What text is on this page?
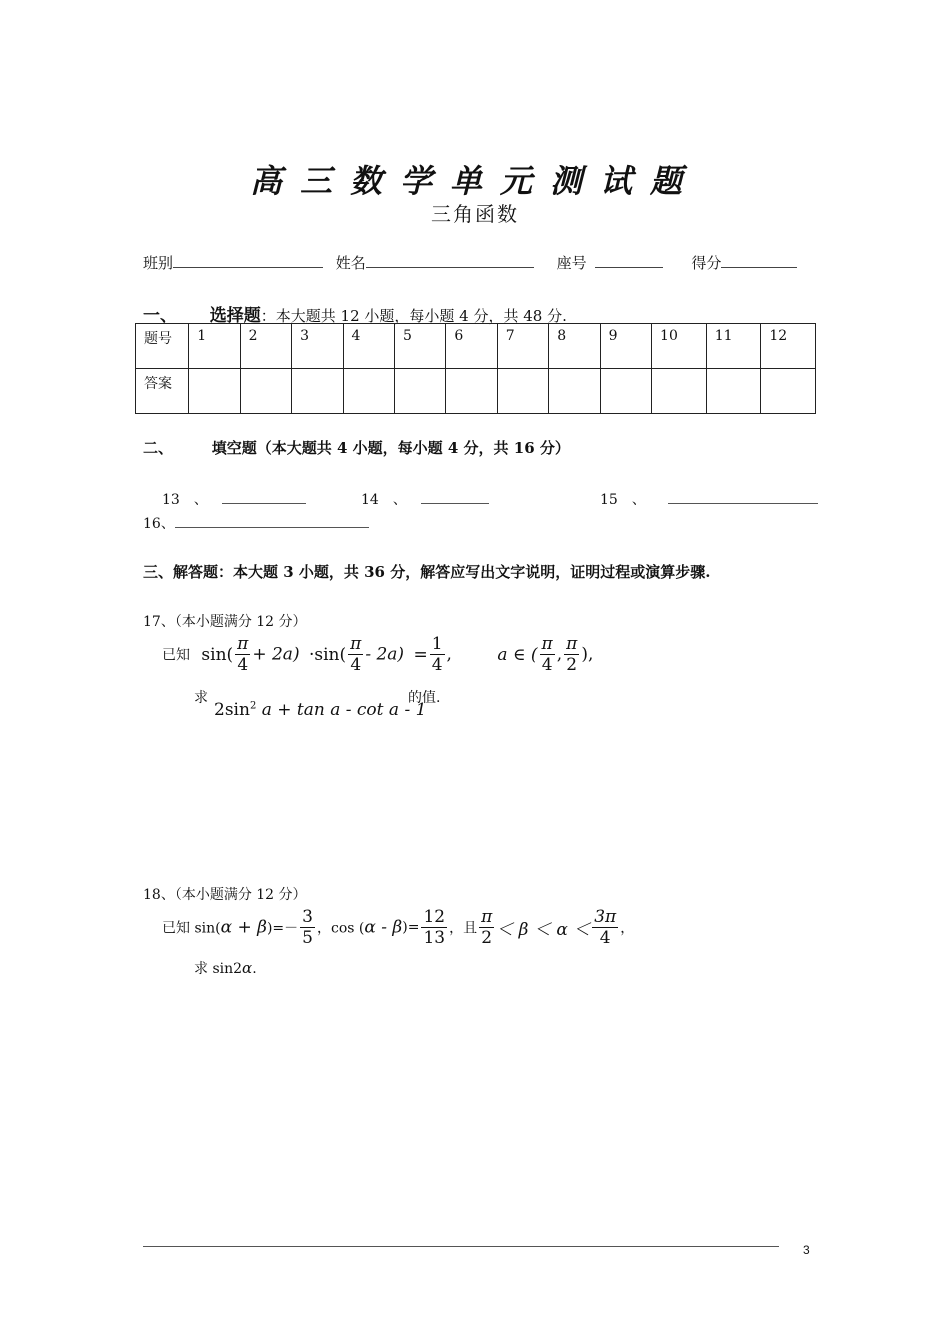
高三数学单元测试题
三角函数
班别	姓名	座号	得分
一、 选择题：本大题共 12 小题，每小题 4 分，共 48 分.
题号	1	2	3	4	5	6	7	8	9	10	11	12
答案												
二、	填空题（本大题共 4 小题，每小题 4 分，共 16 分）
13　、	14　、	15　、
16、
三、解答题：本大题 3 小题，共 36 分，解答应写出文字说明，证明过程或演算步骤.
17、（本小题满分 12 分）
已知 $\sin( \frac{\pi}{4} + 2a) \cdot\sin( \frac{\pi}{4} - 2a) = \frac{1}{4}$ ,	a ∈ ( $\frac{\pi}{4}$ , $\frac{\pi}{2}$ ),
求
$2\sin^2$ a + tan a - cot a - 1
的值.
18、（本小题满分 12 分）
已知 $\sin(\alpha + \beta)=- \frac{3}{5}$ ，$\cos (\alpha - \beta)= \frac{12}{13}$ ，且 $\frac{\pi}{2} < \beta < \alpha < \frac{3\pi}{4}$ ，
求 sin2α.
3
